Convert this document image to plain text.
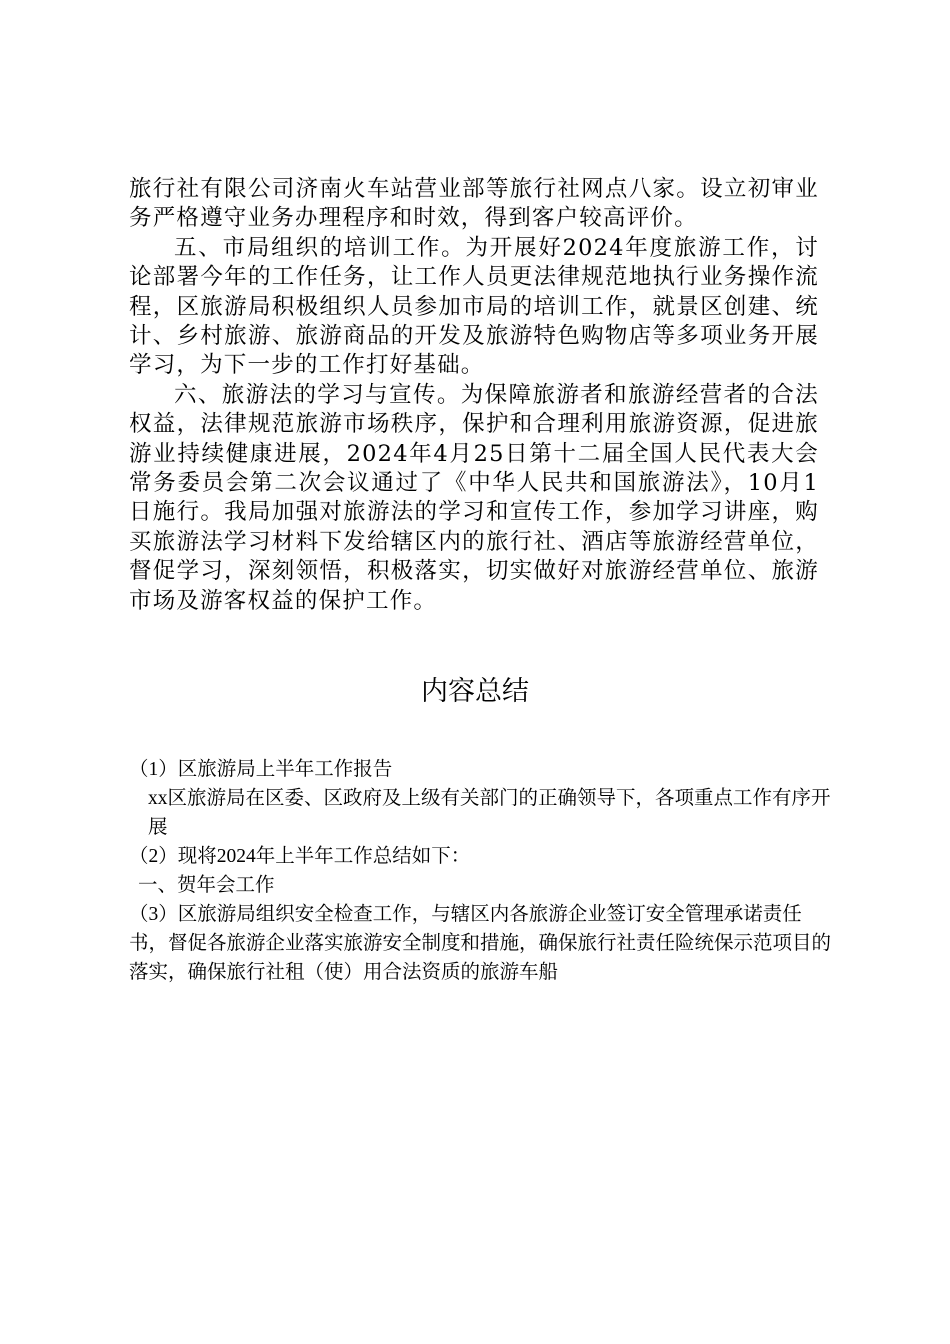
旅行社有限公司济南火车站营业部等旅行社网点八家。设立初审业务严格遵守业务办理程序和时效，得到客户较高评价。

五、市局组织的培训工作。为开展好2024年度旅游工作，讨论部署今年的工作任务，让工作人员更法律规范地执行业务操作流程，区旅游局积极组织人员参加市局的培训工作，就景区创建、统计、乡村旅游、旅游商品的开发及旅游特色购物店等多项业务开展学习，为下一步的工作打好基础。

六、旅游法的学习与宣传。为保障旅游者和旅游经营者的合法权益，法律规范旅游市场秩序，保护和合理利用旅游资源，促进旅游业持续健康进展，2024年4月25日第十二届全国人民代表大会常务委员会第二次会议通过了《中华人民共和国旅游法》，10月1日施行。我局加强对旅游法的学习和宣传工作，参加学习讲座，购买旅游法学习材料下发给辖区内的旅行社、酒店等旅游经营单位，督促学习，深刻领悟，积极落实，切实做好对旅游经营单位、旅游市场及游客权益的保护工作。

内容总结

（1）区旅游局上半年工作报告

xx区旅游局在区委、区政府及上级有关部门的正确领导下，各项重点工作有序开展

（2）现将2024年上半年工作总结如下：

一、贺年会工作

（3）区旅游局组织安全检查工作，与辖区内各旅游企业签订安全管理承诺责任书，督促各旅游企业落实旅游安全制度和措施，确保旅行社责任险统保示范项目的落实，确保旅行社租（使）用合法资质的旅游车船
